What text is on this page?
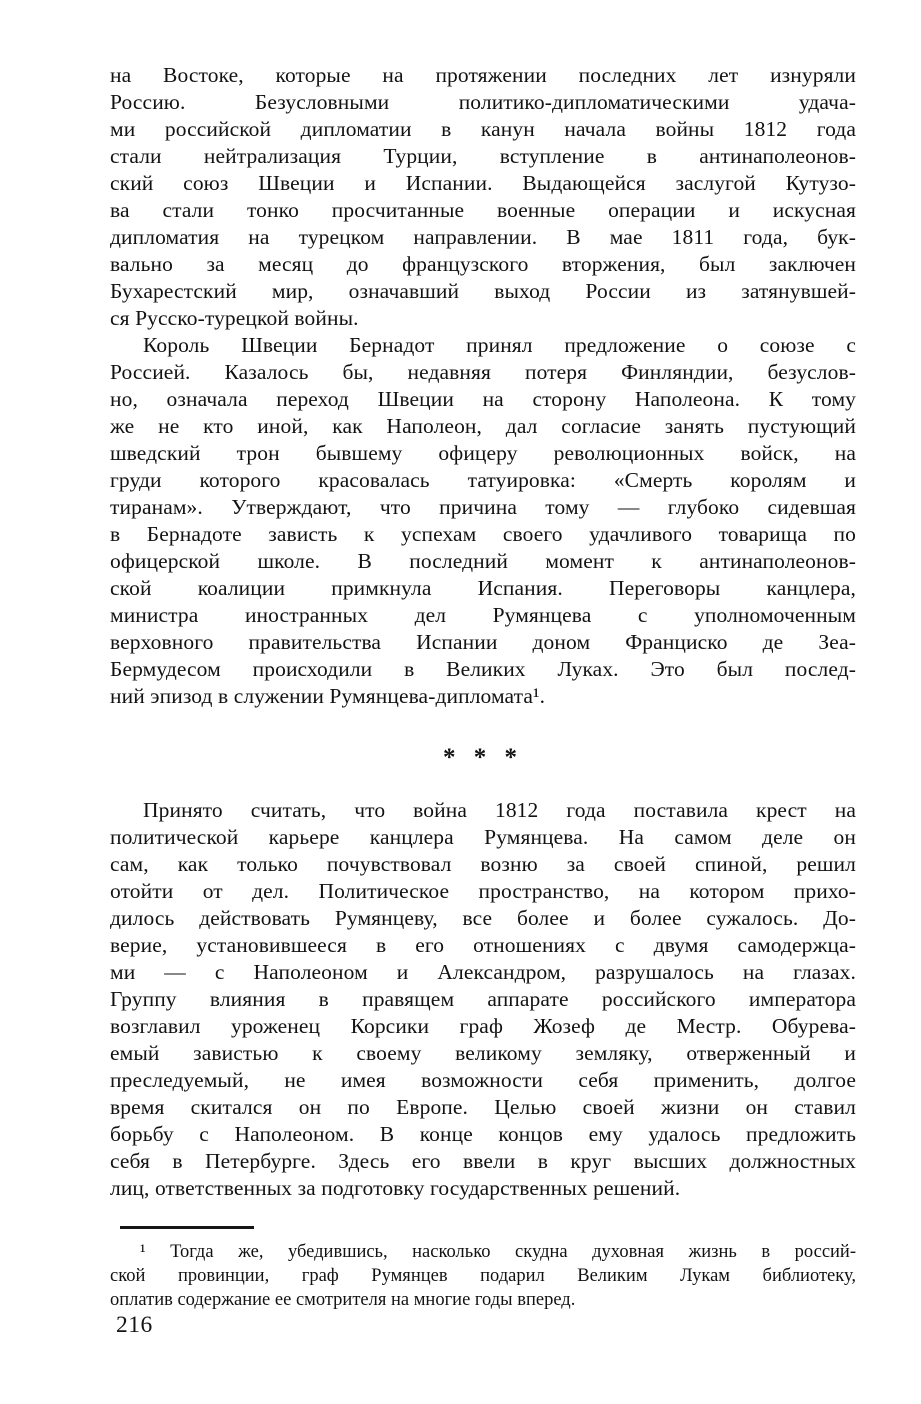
на Востоке, которые на протяжении последних лет изнуряли
Россию. Безусловными политико-дипломатическими удача-
ми российской дипломатии в канун начала войны 1812 года
стали нейтрализация Турции, вступление в антинаполеонов-
ский союз Швеции и Испании. Выдающейся заслугой Кутузо-
ва стали тонко просчитанные военные операции и искусная
дипломатия на турецком направлении. В мае 1811 года, бук-
вально за месяц до французского вторжения, был заключен
Бухарестский мир, означавший выход России из затянувшей-
ся Русско-турецкой войны.
Король Швеции Бернадот принял предложение о союзе с
Россией. Казалось бы, недавняя потеря Финляндии, безуслов-
но, означала переход Швеции на сторону Наполеона. К тому
же не кто иной, как Наполеон, дал согласие занять пустующий
шведский трон бывшему офицеру революционных войск, на
груди которого красовалась татуировка: «Смерть королям и
тиранам». Утверждают, что причина тому — глубоко сидевшая
в Бернадоте зависть к успехам своего удачливого товарища по
офицерской школе. В последний момент к антинаполеонов-
ской коалиции примкнула Испания. Переговоры канцлера,
министра иностранных дел Румянцева с уполномоченным
верховного правительства Испании доном Франциско де Зеа-
Бермудесом происходили в Великих Луках. Это был послед-
ний эпизод в служении Румянцева-дипломата¹.
* * *
Принято считать, что война 1812 года поставила крест на
политической карьере канцлера Румянцева. На самом деле он
сам, как только почувствовал возню за своей спиной, решил
отойти от дел. Политическое пространство, на котором прихо-
дилось действовать Румянцеву, все более и более сужалось. До-
верие, установившееся в его отношениях с двумя самодержца-
ми — с Наполеоном и Александром, разрушалось на глазах.
Группу влияния в правящем аппарате российского императора
возглавил уроженец Корсики граф Жозеф де Местр. Обурева-
емый завистью к своему великому земляку, отверженный и
преследуемый, не имея возможности себя применить, долгое
время скитался он по Европе. Целью своей жизни он ставил
борьбу с Наполеоном. В конце концов ему удалось предложить
себя в Петербурге. Здесь его ввели в круг высших должностных
лиц, ответственных за подготовку государственных решений.
¹ Тогда же, убедившись, насколько скудна духовная жизнь в россий-
ской провинции, граф Румянцев подарил Великим Лукам библиотеку,
оплатив содержание ее смотрителя на многие годы вперед.
216
